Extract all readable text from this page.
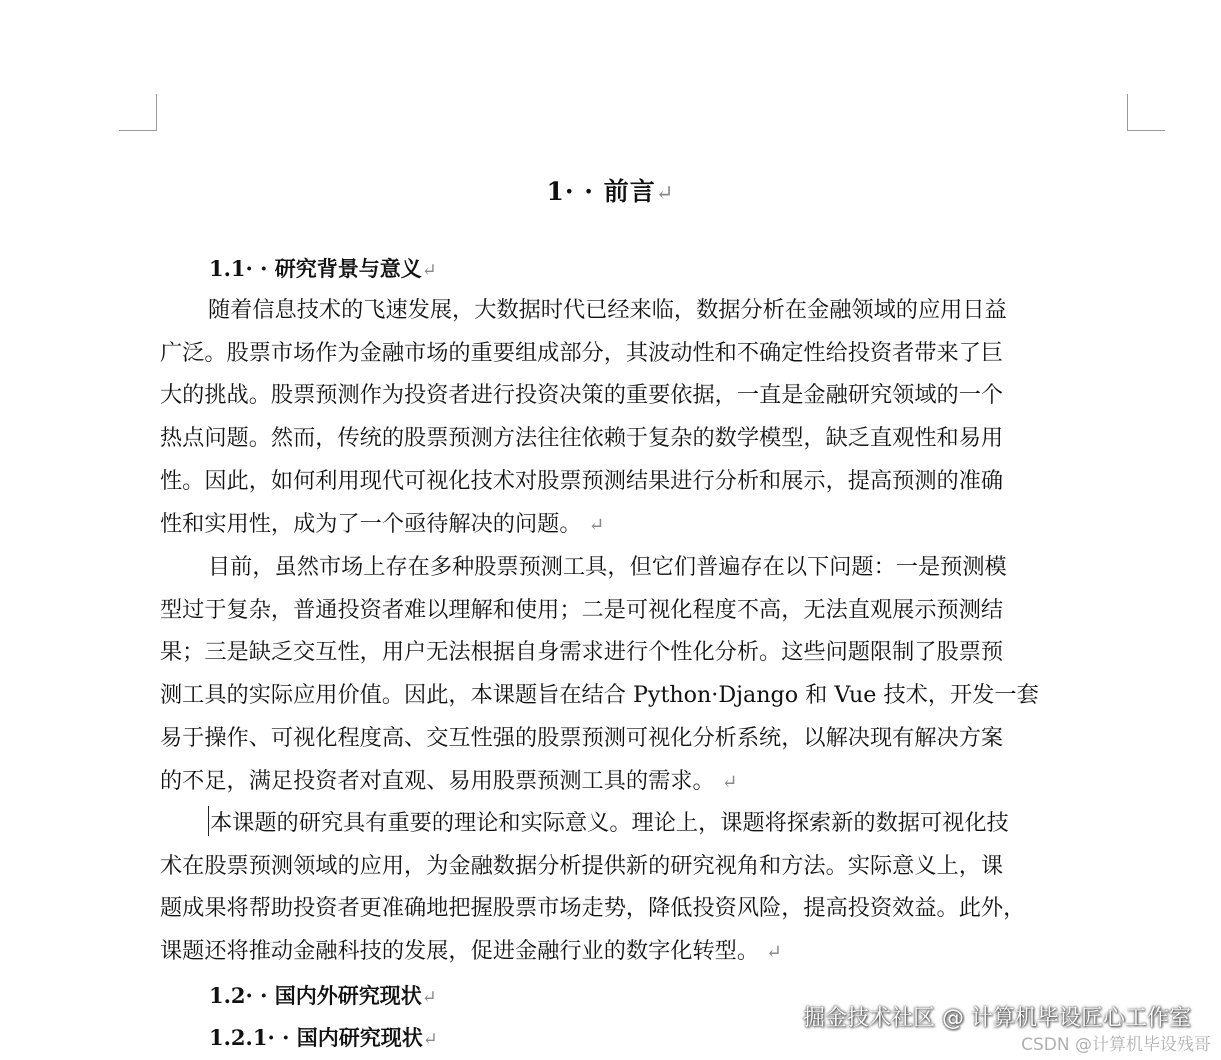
1· · 前言↵
1.1· · 研究背景与意义↵
随着信息技术的飞速发展，大数据时代已经来临，数据分析在金融领域的应用日益
广泛。股票市场作为金融市场的重要组成部分，其波动性和不确定性给投资者带来了巨
大的挑战。股票预测作为投资者进行投资决策的重要依据，一直是金融研究领域的一个
热点问题。然而，传统的股票预测方法往往依赖于复杂的数学模型，缺乏直观性和易用
性。因此，如何利用现代可视化技术对股票预测结果进行分析和展示，提高预测的准确
性和实用性，成为了一个亟待解决的问题。 ↵
目前，虽然市场上存在多种股票预测工具，但它们普遍存在以下问题：一是预测模
型过于复杂，普通投资者难以理解和使用；二是可视化程度不高，无法直观展示预测结
果；三是缺乏交互性，用户无法根据自身需求进行个性化分析。这些问题限制了股票预
测工具的实际应用价值。因此，本课题旨在结合 Python·Django 和 Vue 技术，开发一套
易于操作、可视化程度高、交互性强的股票预测可视化分析系统，以解决现有解决方案
的不足，满足投资者对直观、易用股票预测工具的需求。 ↵
本课题的研究具有重要的理论和实际意义。理论上，课题将探索新的数据可视化技
术在股票预测领域的应用，为金融数据分析提供新的研究视角和方法。实际意义上，课
题成果将帮助投资者更准确地把握股票市场走势，降低投资风险，提高投资效益。此外，
课题还将推动金融科技的发展，促进金融行业的数字化转型。 ↵
1.2· · 国内外研究现状↵
1.2.1· · 国内研究现状↵
掘金技术社区 @ 计算机毕设匠心工作室
CSDN @计算机毕设残哥
